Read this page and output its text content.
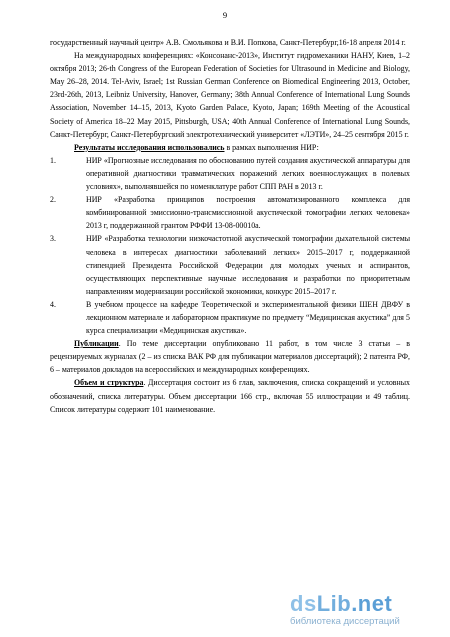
9

государственный научный центр» А.В. Смольякова и В.И. Попкова, Санкт-Петербург,16-18 апреля 2014 г.

На международных конференциях: «Консонанс-2013», Институт гидромеханики НАНУ, Киев, 1–2 октября 2013; 26-th Congress of the European Federation of Societies for Ultrasound in Medicine and Biology, May 26–28, 2014. Tel-Aviv, Israel; 1st Russian German Conference on Biomedical Engineering 2013, October, 23rd-26th, 2013, Leibniz University, Hanover, Germany; 38th Annual Conference of International Lung Sounds Association, November 14–15, 2013, Kyoto Garden Palace, Kyoto, Japan; 169th Meeting of the Acoustical Society of America 18–22 May 2015, Pittsburgh, USA; 40th Annual Conference of International Lung Sounds, Санкт-Петербург, Санкт-Петербургский электротехнический университет «ЛЭТИ», 24–25 сентября 2015 г.

Результаты исследования использовались в рамках выполнения НИР:

1.	НИР «Прогнозные исследования по обоснованию путей создания акустической аппаратуры для оперативной диагностики травматических поражений легких военнослужащих в полевых условиях», выполнявшейся по номенклатуре работ СПП РАН в 2013 г.
2.	НИР «Разработка принципов построения автоматизированного комплекса для комбинированной эмиссионно-трансмиссионной акустической томографии легких человека» 2013 г, поддержанной грантом РФФИ 13-08-00010а.
3.	НИР «Разработка технологии низкочастотной акустической томографии дыхательной системы человека в интересах диагностики заболеваний легких» 2015–2017 г, поддержанной стипендией Президента Российской Федерации для молодых ученых и аспирантов, осуществляющих перспективные научные исследования и разработки по приоритетным направлениям модернизации российской экономики, конкурс 2015–2017 г.
4.	В учебном процессе на кафедре Теоретической и экспериментальной физики ШЕН ДВФУ в лекционном материале и лабораторном практикуме по предмету “Медицинская акустика” для 5 курса специализации «Медицинская акустика».

Публикации. По теме диссертации опубликовано 11 работ, в том числе 3 статьи – в рецензируемых журналах (2 – из списка ВАК РФ для публикации материалов диссертаций); 2 патента РФ, 6 – материалов докладов на всероссийских и международных конференциях.

Объем и структура. Диссертация состоит из 6 глав, заключения, списка сокращений и условных обозначений, списка литературы. Объем диссертации 166 стр., включая 55 иллюстрации и 49 таблиц. Список литературы содержит 101 наименование.

dsLib.net
библиотека диссертаций
